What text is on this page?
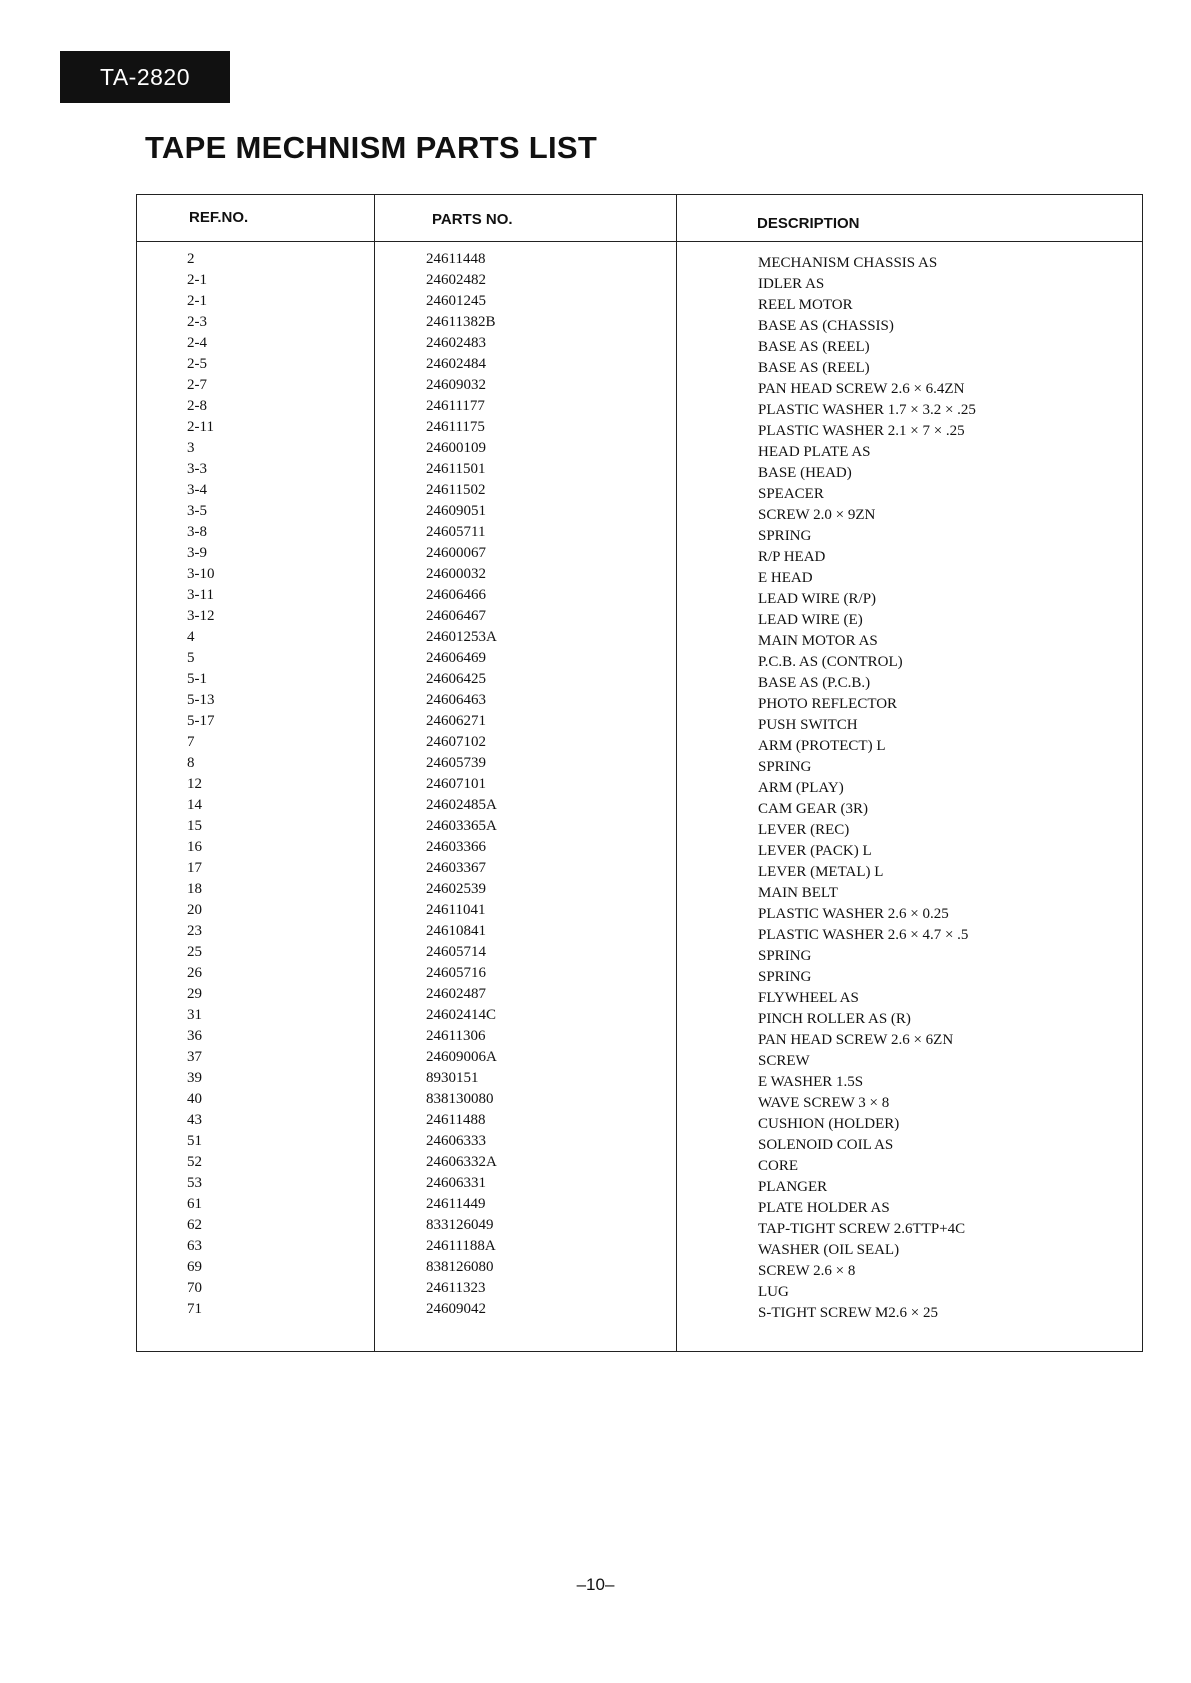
TA-2820
TAPE MECHNISM PARTS LIST
REF.NO.	PARTS NO.	DESCRIPTION
2	24611448	MECHANISM CHASSIS AS
2-1	24602482	IDLER AS
2-1	24601245	REEL MOTOR
2-3	24611382B	BASE AS (CHASSIS)
2-4	24602483	BASE AS (REEL)
2-5	24602484	BASE AS (REEL)
2-7	24609032	PAN HEAD SCREW 2.6 × 6.4ZN
2-8	24611177	PLASTIC WASHER 1.7 × 3.2 × .25
2-11	24611175	PLASTIC WASHER 2.1 × 7 × .25
3	24600109	HEAD PLATE AS
3-3	24611501	BASE (HEAD)
3-4	24611502	SPEACER
3-5	24609051	SCREW 2.0 × 9ZN
3-8	24605711	SPRING
3-9	24600067	R/P HEAD
3-10	24600032	E HEAD
3-11	24606466	LEAD WIRE (R/P)
3-12	24606467	LEAD WIRE (E)
4	24601253A	MAIN MOTOR AS
5	24606469	P.C.B. AS (CONTROL)
5-1	24606425	BASE AS (P.C.B.)
5-13	24606463	PHOTO REFLECTOR
5-17	24606271	PUSH SWITCH
7	24607102	ARM (PROTECT) L
8	24605739	SPRING
12	24607101	ARM (PLAY)
14	24602485A	CAM GEAR (3R)
15	24603365A	LEVER (REC)
16	24603366	LEVER (PACK) L
17	24603367	LEVER (METAL) L
18	24602539	MAIN BELT
20	24611041	PLASTIC WASHER 2.6 × 0.25
23	24610841	PLASTIC WASHER 2.6 × 4.7 × .5
25	24605714	SPRING
26	24605716	SPRING
29	24602487	FLYWHEEL AS
31	24602414C	PINCH ROLLER AS (R)
36	24611306	PAN HEAD SCREW 2.6 × 6ZN
37	24609006A	SCREW
39	8930151	E WASHER 1.5S
40	838130080	WAVE SCREW 3 × 8
43	24611488	CUSHION (HOLDER)
51	24606333	SOLENOID COIL AS
52	24606332A	CORE
53	24606331	PLANGER
61	24611449	PLATE HOLDER AS
62	833126049	TAP-TIGHT SCREW 2.6TTP+4C
63	24611188A	WASHER (OIL SEAL)
69	838126080	SCREW 2.6 × 8
70	24611323	LUG
71	24609042	S-TIGHT SCREW M2.6 × 25
–10–
